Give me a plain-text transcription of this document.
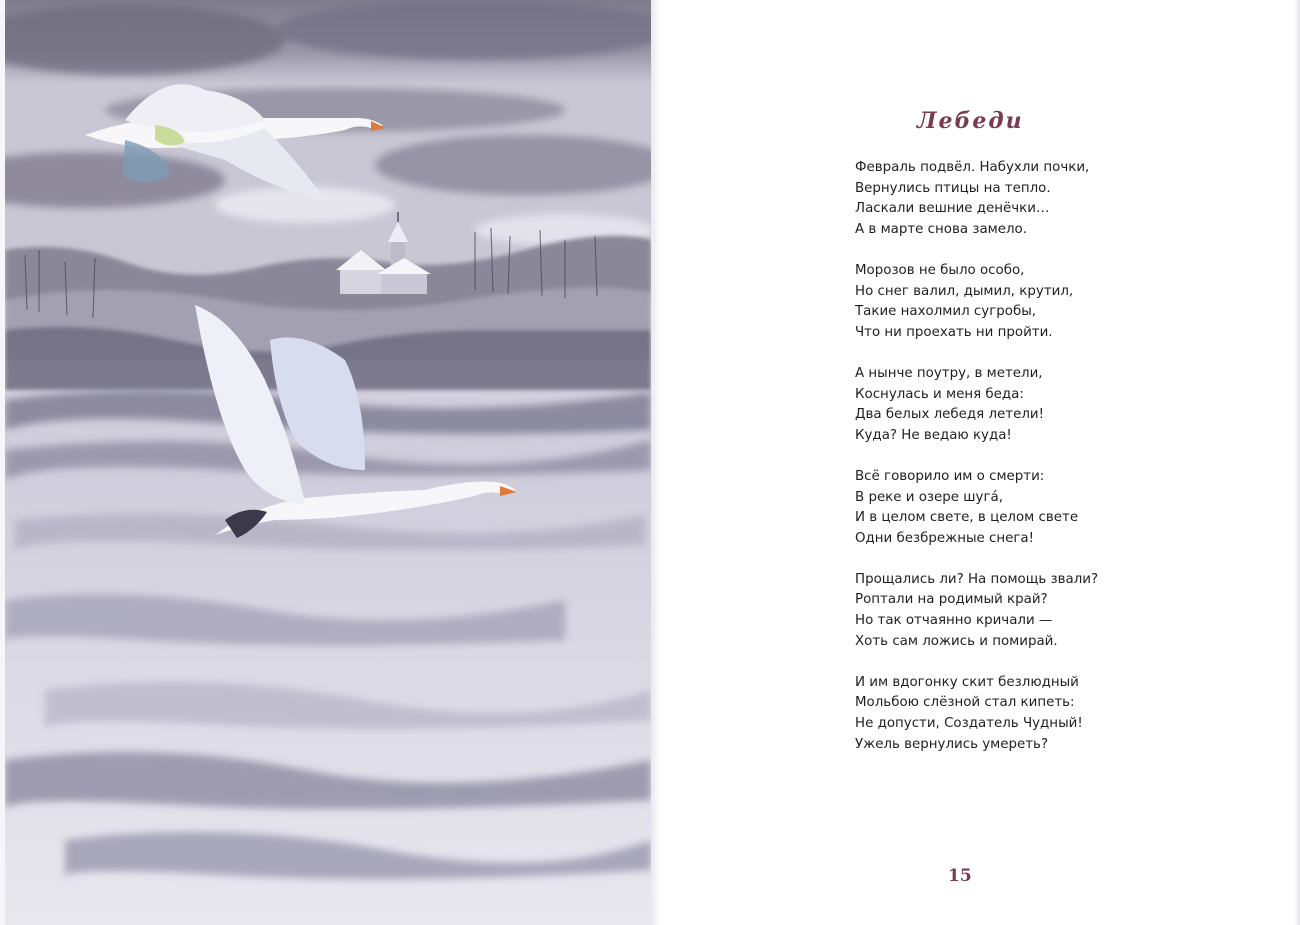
Лебеди
Февраль подвёл. Набухли почки,
Вернулись птицы на тепло.
Ласкали вешние денёчки…
А в марте снова замело.
Морозов не было особо,
Но снег валил, дымил, крутил,
Такие нахолмил сугробы,
Что ни проехать ни пройти.
А нынче поутру, в метели,
Коснулась и меня беда:
Два белых лебедя летели!
Куда? Не ведаю куда!
Всё говорило им о смерти:
В реке и озере шуга́,
И в целом свете, в целом свете
Одни безбрежные снега!
Прощались ли? На помощь звали?
Роптали на родимый край?
Но так отчаянно кричали —
Хоть сам ложись и помирай.
И им вдогонку скит безлюдный
Мольбою слёзной стал кипеть:
Не допусти, Создатель Чудный!
Ужель вернулись умереть?
15
